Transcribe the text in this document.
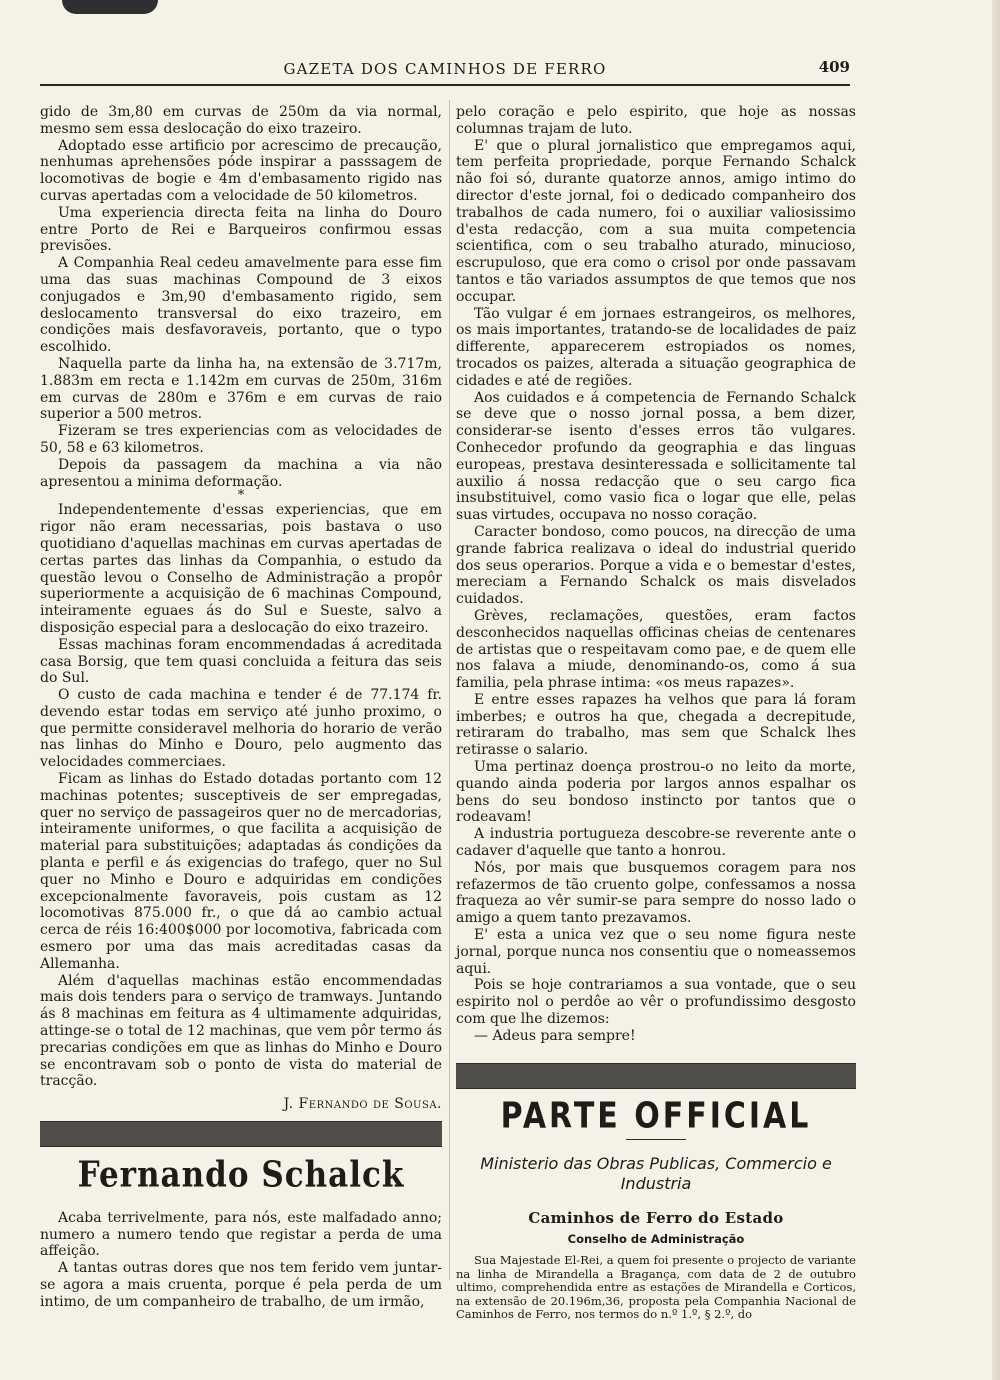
GAZETA DOS CAMINHOS DE FERRO	409

gido de 3m,80 em curvas de 250m da via normal, mesmo sem essa deslocação do eixo trazeiro.

Adoptado esse artificio por acrescimo de precaução, nenhumas aprehensões póde inspirar a passsagem de locomotivas de bogie e 4m d'embasamento rigido nas curvas apertadas com a velocidade de 50 kilometros.

Uma experiencia directa feita na linha do Douro entre Porto de Rei e Barqueiros confirmou essas previsões.

A Companhia Real cedeu amavelmente para esse fim uma das suas machinas Compound de 3 eixos conjugados e 3m,90 d'embasamento rigido, sem deslocamento transversal do eixo trazeiro, em condições mais desfavoraveis, portanto, que o typo escolhido.

Naquella parte da linha ha, na extensão de 3.717m, 1.883m em recta e 1.142m em curvas de 250m, 316m em curvas de 280m e 376m e em curvas de raio superior a 500 metros.

Fizeram se tres experiencias com as velocidades de 50, 58 e 63 kilometros.

Depois da passagem da machina a via não apresentou a minima deformação.

*

Independentemente d'essas experiencias, que em rigor não eram necessarias, pois bastava o uso quotidiano d'aquellas machinas em curvas apertadas de certas partes das linhas da Companhia, o estudo da questão levou o Conselho de Administração a propôr superiormente a acquisição de 6 machinas Compound, inteiramente eguaes ás do Sul e Sueste, salvo a disposição especial para a deslocação do eixo trazeiro.

Essas machinas foram encommendadas á acreditada casa Borsig, que tem quasi concluida a feitura das seis do Sul.

O custo de cada machina e tender é de 77.174 fr. devendo estar todas em serviço até junho proximo, o que permitte consideravel melhoria do horario de verão nas linhas do Minho e Douro, pelo augmento das velocidades commerciaes.

Ficam as linhas do Estado dotadas portanto com 12 machinas potentes; susceptiveis de ser empregadas, quer no serviço de passageiros quer no de mercadorias, inteiramente uniformes, o que facilita a acquisição de material para substituições; adaptadas ás condições da planta e perfil e ás exigencias do trafego, quer no Sul quer no Minho e Douro e adquiridas em condições excepcionalmente favoraveis, pois custam as 12 locomotivas 875.000 fr., o que dá ao cambio actual cerca de réis 16:400$000 por locomotiva, fabricada com esmero por uma das mais acreditadas casas da Allemanha.

Além d'aquellas machinas estão encommendadas mais dois tenders para o serviço de tramways. Juntando ás 8 machinas em feitura as 4 ultimamente adquiridas, attinge-se o total de 12 machinas, que vem pôr termo ás precarias condições em que as linhas do Minho e Douro se encontravam sob o ponto de vista do material de tracção.

J. Fernando de Sousa.
Fernando Schalck

Acaba terrivelmente, para nós, este malfadado anno; numero a numero tendo que registar a perda de uma affeição.

A tantas outras dores que nos tem ferido vem juntar-se agora a mais cruenta, porque é pela perda de um intimo, de um companheiro de trabalho, de um irmão,

pelo coração e pelo espirito, que hoje as nossas columnas trajam de luto.

E' que o plural jornalistico que empregamos aqui, tem perfeita propriedade, porque Fernando Schalck não foi só, durante quatorze annos, amigo intimo do director d'este jornal, foi o dedicado companheiro dos trabalhos de cada numero, foi o auxiliar valiosissimo d'esta redacção, com a sua muita competencia scientifica, com o seu trabalho aturado, minucioso, escrupuloso, que era como o crisol por onde passavam tantos e tão variados assumptos de que temos que nos occupar.

Tão vulgar é em jornaes estrangeiros, os melhores, os mais importantes, tratando-se de localidades de paiz differente, apparecerem estropiados os nomes, trocados os paizes, alterada a situação geographica de cidades e até de regiões.

Aos cuidados e á competencia de Fernando Schalck se deve que o nosso jornal possa, a bem dizer, considerar-se isento d'esses erros tão vulgares. Conhecedor profundo da geographia e das linguas europeas, prestava desinteressada e sollicitamente tal auxilio á nossa redacção que o seu cargo fica insubstituivel, como vasio fica o logar que elle, pelas suas virtudes, occupava no nosso coração.

Caracter bondoso, como poucos, na direcção de uma grande fabrica realizava o ideal do industrial querido dos seus operarios. Porque a vida e o bemestar d'estes, mereciam a Fernando Schalck os mais disvelados cuidados.

Grèves, reclamações, questões, eram factos desconhecidos naquellas officinas cheias de centenares de artistas que o respeitavam como pae, e de quem elle nos falava a miude, denominando-os, como á sua familia, pela phrase intima: «os meus rapazes».

E entre esses rapazes ha velhos que para lá foram imberbes; e outros ha que, chegada a decrepitude, retiraram do trabalho, mas sem que Schalck lhes retirasse o salario.

Uma pertinaz doença prostrou-o no leito da morte, quando ainda poderia por largos annos espalhar os bens do seu bondoso instincto por tantos que o rodeavam!

A industria portugueza descobre-se reverente ante o cadaver d'aquelle que tanto a honrou.

Nós, por mais que busquemos coragem para nos refazermos de tão cruento golpe, confessamos a nossa fraqueza ao vêr sumir-se para sempre do nosso lado o amigo a quem tanto prezavamos.

E' esta a unica vez que o seu nome figura neste jornal, porque nunca nos consentiu que o nomeassemos aqui.

Pois se hoje contrariamos a sua vontade, que o seu espirito nol o perdôe ao vêr o profundissimo desgosto com que lhe dizemos:

— Adeus para sempre!

PARTE OFFICIAL
Ministerio das Obras Publicas, Commercio e Industria
Caminhos de Ferro do Estado
Conselho de Administração

Sua Majestade El-Rei, a quem foi presente o projecto de variante na linha de Mirandella a Bragança, com data de 2 de outubro ultimo, comprehendida entre as estações de Mirandella e Corticos, na extensão de 20.196m,36, proposta pela Companhia Nacional de Caminhos de Ferro, nos termos do n.º 1.º, § 2.º, do
